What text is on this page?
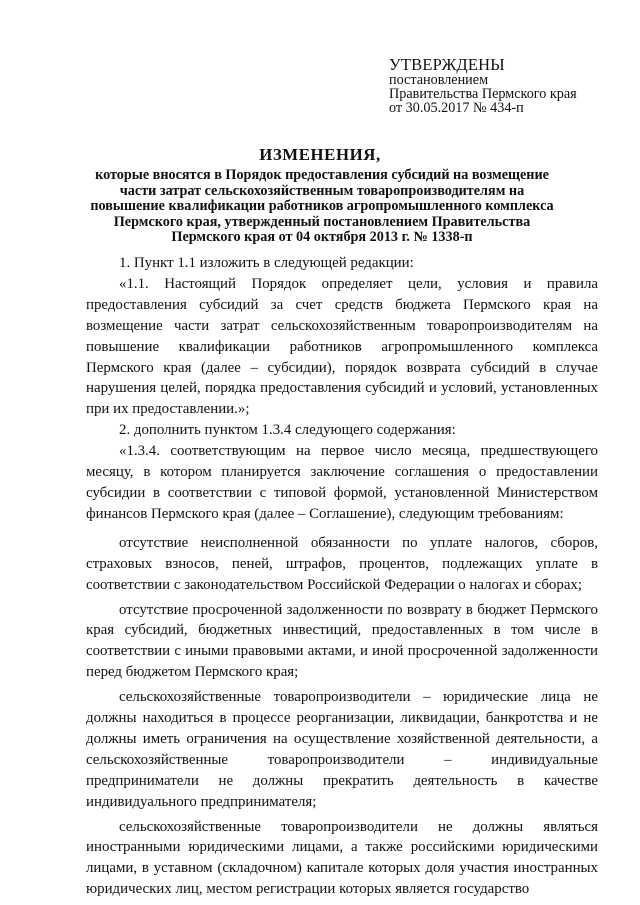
УТВЕРЖДЕНЫ
постановлением
Правительства Пермского края
от 30.05.2017 № 434-п
ИЗМЕНЕНИЯ,
которые вносятся в Порядок предоставления субсидий на возмещение части затрат сельскохозяйственным товаропроизводителям на повышение квалификации работников агропромышленного комплекса Пермского края, утвержденный постановлением Правительства Пермского края от 04 октября 2013 г. № 1338-п

1. Пункт 1.1 изложить в следующей редакции:

«1.1. Настоящий Порядок определяет цели, условия и правила предоставления субсидий за счет средств бюджета Пермского края на возмещение части затрат сельскохозяйственным товаропроизводителям на повышение квалификации работников агропромышленного комплекса Пермского края (далее – субсидии), порядок возврата субсидий в случае нарушения целей, порядка предоставления субсидий и условий, установленных при их предоставлении.»;

2. дополнить пунктом 1.3.4 следующего содержания:

«1.3.4. соответствующим на первое число месяца, предшествующего месяцу, в котором планируется заключение соглашения о предоставлении субсидии в соответствии с типовой формой, установленной Министерством финансов Пермского края (далее – Соглашение), следующим требованиям:

отсутствие неисполненной обязанности по уплате налогов, сборов, страховых взносов, пеней, штрафов, процентов, подлежащих уплате в соответствии с законодательством Российской Федерации о налогах и сборах;

отсутствие просроченной задолженности по возврату в бюджет Пермского края субсидий, бюджетных инвестиций, предоставленных в том числе в соответствии с иными правовыми актами, и иной просроченной задолженности перед бюджетом Пермского края;

сельскохозяйственные товаропроизводители – юридические лица не должны находиться в процессе реорганизации, ликвидации, банкротства и не должны иметь ограничения на осуществление хозяйственной деятельности, а сельскохозяйственные товаропроизводители – индивидуальные предприниматели не должны прекратить деятельность в качестве индивидуального предпринимателя;

сельскохозяйственные товаропроизводители не должны являться иностранными юридическими лицами, а также российскими юридическими лицами, в уставном (складочном) капитале которых доля участия иностранных юридических лиц, местом регистрации которых является государство
